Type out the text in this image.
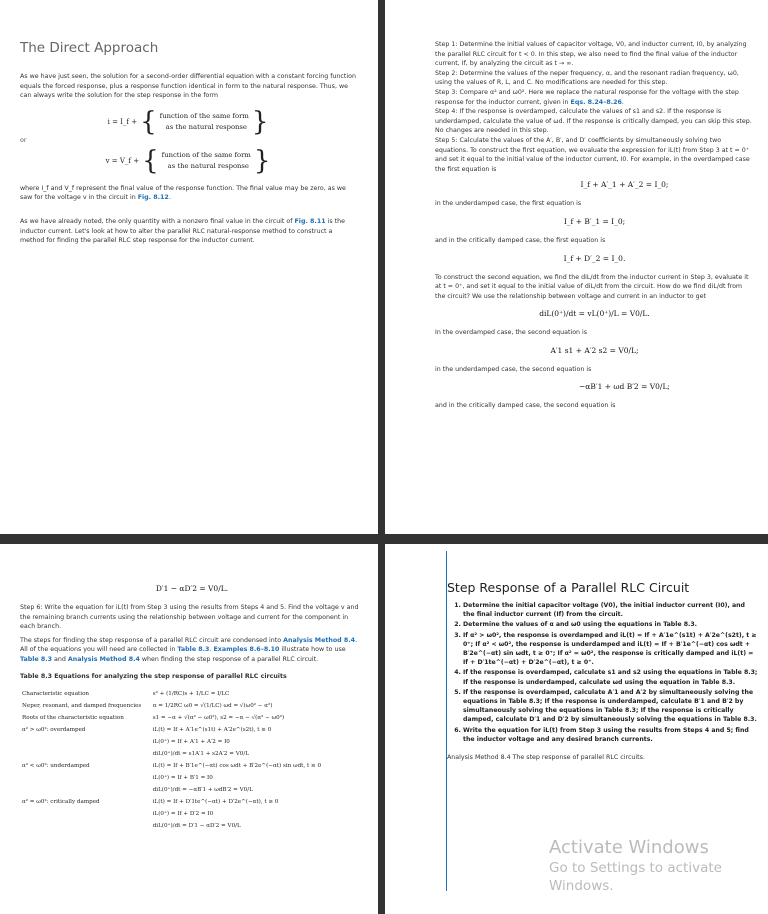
The Direct Approach

As we have just seen, the solution for a second-order differential equation with a constant forcing function equals the forced response, plus a response function identical in form to the natural response. Thus, we can always write the solution for the step response in the form

i = I_f + { function of the same form
as the natural response }
or
v = V_f + { function of the same form
as the natural response }

where I_f and V_f represent the final value of the response function. The final value may be zero, as we saw for the voltage v in the circuit in Fig. 8.12.

As we have already noted, the only quantity with a nonzero final value in the circuit of Fig. 8.11 is the inductor current. Let's look at how to alter the parallel RLC natural-response method to construct a method for finding the parallel RLC step response for the inductor current.

Step 1: Determine the initial values of capacitor voltage, V0, and inductor current, I0, by analyzing the parallel RLC circuit for t < 0. In this step, we also need to find the final value of the inductor current, If, by analyzing the circuit as t → ∞.
Step 2: Determine the values of the neper frequency, α, and the resonant radian frequency, ω0, using the values of R, L, and C. No modifications are needed for this step.
Step 3: Compare α² and ω0². Here we replace the natural response for the voltage with the step response for the inductor current, given in Eqs. 8.24–8.26.
Step 4: If the response is overdamped, calculate the values of s1 and s2. If the response is underdamped, calculate the value of ωd. If the response is critically damped, you can skip this step. No changes are needed in this step.
Step 5: Calculate the values of the A′, B′, and D′ coefficients by simultaneously solving two equations. To construct the first equation, we evaluate the expression for iL(t) from Step 3 at t = 0⁺ and set it equal to the initial value of the inductor current, I0. For example, in the overdamped case the first equation is
I_f + A′_1 + A′_2 = I_0;

in the underdamped case, the first equation is

I_f + B′_1 = I_0;

and in the critically damped case, the first equation is

I_f + D′_2 = I_0.

To construct the second equation, we find the diL/dt from the inductor current in Step 3, evaluate it at t = 0⁺, and set it equal to the initial value of diL/dt from the circuit. How do we find diL/dt from the circuit? We use the relationship between voltage and current in an inductor to get

diL(0⁺)/dt = vL(0⁺)/L = V0/L.

In the overdamped case, the second equation is

A′1 s1 + A′2 s2 = V0/L;

in the underdamped case, the second equation is

−αB′1 + ωd B′2 = V0/L;

and in the critically damped case, the second equation is

D′1 − αD′2 = V0/L.
Step 6: Write the equation for iL(t) from Step 3 using the results from Steps 4 and 5. Find the voltage v and the remaining branch currents using the relationship between voltage and current for the component in each branch.

The steps for finding the step response of a parallel RLC circuit are condensed into Analysis Method 8.4. All of the equations you will need are collected in Table 8.3. Examples 8.6–8.10 illustrate how to use Table 8.3 and Analysis Method 8.4 when finding the step response of a parallel RLC circuit.

Table 8.3 Equations for analyzing the step response of parallel RLC circuits
Characteristic equation	s² + (1/RC)s + 1/LC = I/LC
Neper, resonant, and damped frequencies	α = 1/2RC ω0 = √(1/LC) ωd = √(ω0² − α²)
Roots of the characteristic equation	s1 = −α + √(α² − ω0²), s2 = −α − √(α² − ω0²)
α² > ω0²: overdamped	iL(t) = If + A′1e^(s1t) + A′2e^(s2t), t ≥ 0
	iL(0⁺) = If + A′1 + A′2 = I0
	diL(0⁺)/dt = s1A′1 + s2A′2 = V0/L
α² < ω0²: underdamped	iL(t) = If + B′1e^(−αt) cos ωdt + B′2e^(−αt) sin ωdt, t ≥ 0
	iL(0⁺) = If + B′1 = I0
	diL(0⁺)/dt = −αB′1 + ωdB′2 = V0/L
α² = ω0²: critically damped	iL(t) = If + D′1te^(−αt) + D′2e^(−αt), t ≥ 0
	iL(0⁺) = If + D′2 = I0
	diL(0⁺)/dt = D′1 − αD′2 = V0/L
Step Response of a Parallel RLC Circuit
1. Determine the initial capacitor voltage (V0), the initial inductor current (I0), and the final inductor current (If) from the circuit.
2. Determine the values of α and ω0 using the equations in Table 8.3.
3. If α² > ω0², the response is overdamped and iL(t) = If + A′1e^(s1t) + A′2e^(s2t), t ≥ 0⁺; If α² < ω0², the response is underdamped and iL(t) = If + B′1e^(−αt) cos ωdt + B′2e^(−αt) sin ωdt, t ≥ 0⁺; If α² = ω0², the response is critically damped and iL(t) = If + D′1te^(−αt) + D′2e^(−αt), t ≥ 0⁺.
4. If the response is overdamped, calculate s1 and s2 using the equations in Table 8.3; If the response is underdamped, calculate ωd using the equation in Table 8.3.
5. If the response is overdamped, calculate A′1 and A′2 by simultaneously solving the equations in Table 8.3; If the response is underdamped, calculate B′1 and B′2 by simultaneously solving the equations in Table 8.3; If the response is critically damped, calculate D′1 and D′2 by simultaneously solving the equations in Table 8.3.
6. Write the equation for iL(t) from Step 3 using the results from Steps 4 and 5; find the inductor voltage and any desired branch currents.
Analysis Method 8.4 The step response of parallel RLC circuits.
Activate Windows
Go to Settings to activate Windows.
